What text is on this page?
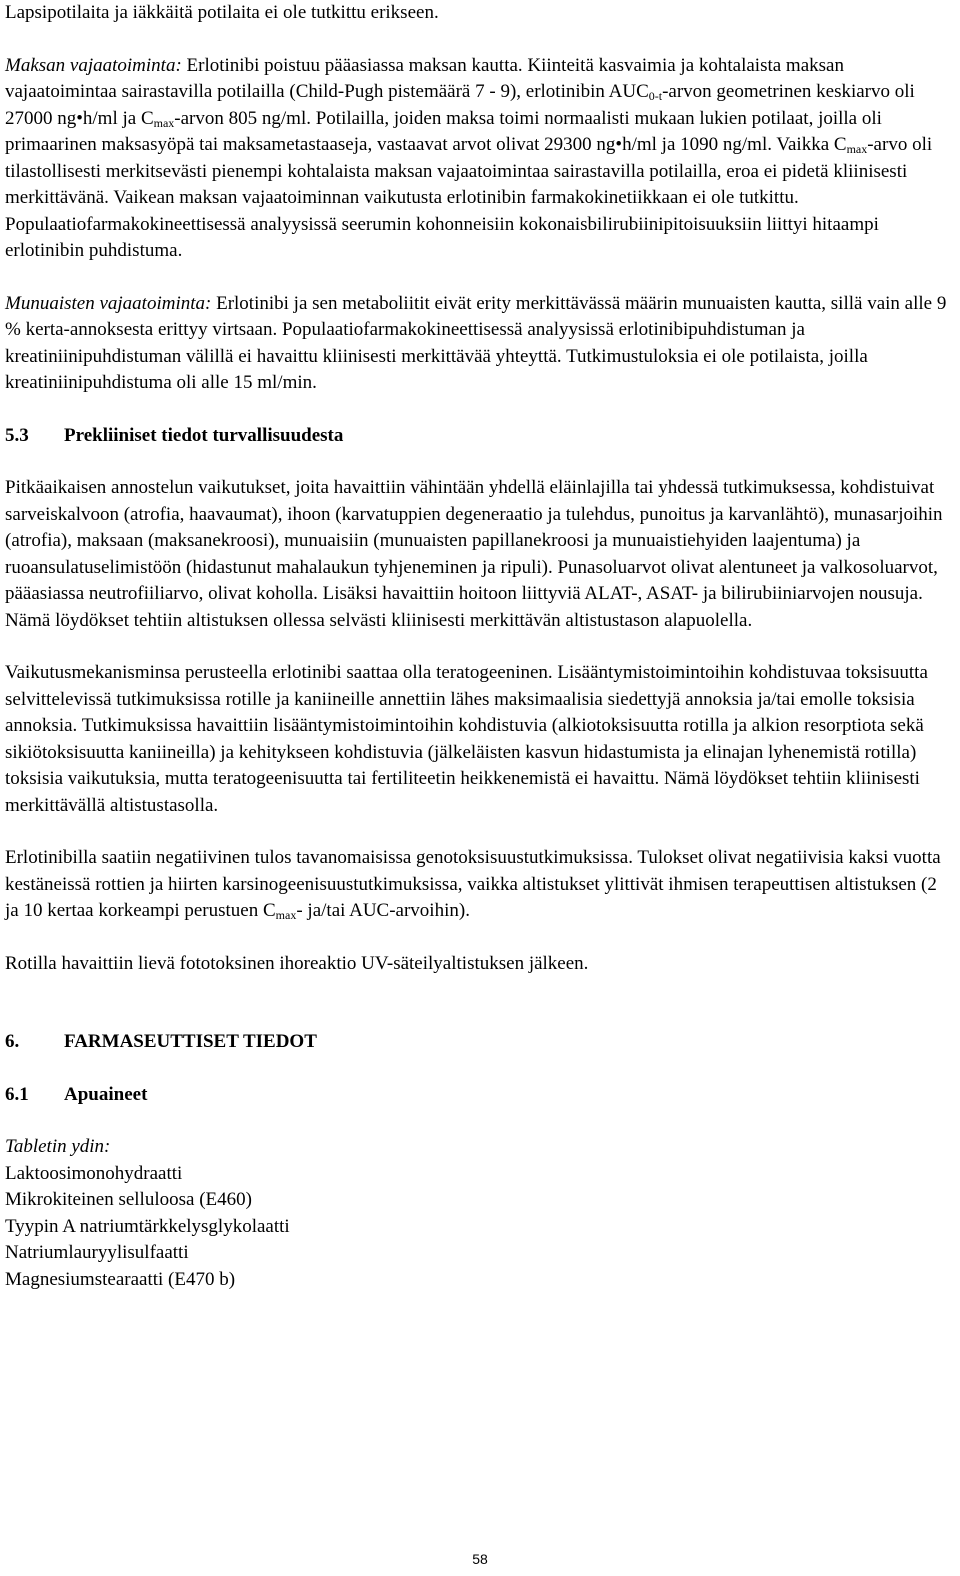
Lapsipotilaita ja iäkkäitä potilaita ei ole tutkittu erikseen.

Maksan vajaatoiminta: Erlotinibi poistuu pääasiassa maksan kautta. Kiinteitä kasvaimia ja kohtalaista maksan vajaatoimintaa sairastavilla potilailla (Child-Pugh pistemäärä 7 - 9), erlotinibin $AUC_{0-t}$-arvon geometrinen keskiarvo oli 27000 ng•h/ml ja $C_{max}$-arvon 805 ng/ml. Potilailla, joiden maksa toimi normaalisti mukaan lukien potilaat, joilla oli primaarinen maksasyöpä tai maksametastaaseja, vastaavat arvot olivat 29300 ng•h/ml ja 1090 ng/ml. Vaikka $C_{max}$-arvo oli tilastollisesti merkitsevästi pienempi kohtalaista maksan vajaatoimintaa sairastavilla potilailla, eroa ei pidetä kliinisesti merkittävänä. Vaikean maksan vajaatoiminnan vaikutusta erlotinibin farmakokinetiikkaan ei ole tutkittu. Populaatiofarmakokineettisessä analyysissä seerumin kohonneisiin kokonaisbilirubiinipitoisuuksiin liittyi hitaampi erlotinibin puhdistuma.

Munuaisten vajaatoiminta: Erlotinibi ja sen metaboliitit eivät erity merkittävässä määrin munuaisten kautta, sillä vain alle 9 % kerta-annoksesta erittyy virtsaan. Populaatiofarmakokineettisessä analyysissä erlotinibipuhdistuman ja kreatiniinipuhdistuman välillä ei havaittu kliinisesti merkittävää yhteyttä. Tutkimustuloksia ei ole potilaista, joilla kreatiniinipuhdistuma oli alle 15 ml/min.

5.3	Prekliiniset tiedot turvallisuudesta

Pitkäaikaisen annostelun vaikutukset, joita havaittiin vähintään yhdellä eläinlajilla tai yhdessä tutkimuksessa, kohdistuivat sarveiskalvoon (atrofia, haavaumat), ihoon (karvatuppien degeneraatio ja tulehdus, punoitus ja karvanlähtö), munasarjoihin (atrofia), maksaan (maksanekroosi), munuaisiin (munuaisten papillanekroosi ja munuaistiehyiden laajentuma) ja ruoansulatuselimistöön (hidastunut mahalaukun tyhjeneminen ja ripuli). Punasoluarvot olivat alentuneet ja valkosoluarvot, pääasiassa neutrofiiliarvo, olivat koholla. Lisäksi havaittiin hoitoon liittyviä ALAT-, ASAT- ja bilirubiiniarvojen nousuja. Nämä löydökset tehtiin altistuksen ollessa selvästi kliinisesti merkittävän altistustason alapuolella.

Vaikutusmekanisminsa perusteella erlotinibi saattaa olla teratogeeninen. Lisääntymistoimintoihin kohdistuvaa toksisuutta selvittelevissä tutkimuksissa rotille ja kaniineille annettiin lähes maksimaalisia siedettyjä annoksia ja/tai emolle toksisia annoksia. Tutkimuksissa havaittiin lisääntymistoimintoihin kohdistuvia (alkiotoksisuutta rotilla ja alkion resorptiota sekä sikiötoksisuutta kaniineilla) ja kehitykseen kohdistuvia (jälkeläisten kasvun hidastumista ja elinajan lyhenemistä rotilla) toksisia vaikutuksia, mutta teratogeenisuutta tai fertiliteetin heikkenemistä ei havaittu. Nämä löydökset tehtiin kliinisesti merkittävällä altistustasolla.

Erlotinibilla saatiin negatiivinen tulos tavanomaisissa genotoksisuustutkimuksissa. Tulokset olivat negatiivisia kaksi vuotta kestäneissä rottien ja hiirten karsinogeenisuustutkimuksissa, vaikka altistukset ylittivät ihmisen terapeuttisen altistuksen (2 ja 10 kertaa korkeampi perustuen $C_{max}-$ ja/tai AUC-arvoihin).

Rotilla havaittiin lievä fototoksinen ihoreaktio UV-säteilyaltistuksen jälkeen.

6.	FARMASEUTTISET TIEDOT

6.1	Apuaineet

Tabletin ydin:
Laktoosimonohydraatti
Mikrokiteinen selluloosa (E460)
Tyypin A natriumtärkkelysglykolaatti
Natriumlauryylisulfaatti
Magnesiumstearaatti (E470 b)
58
